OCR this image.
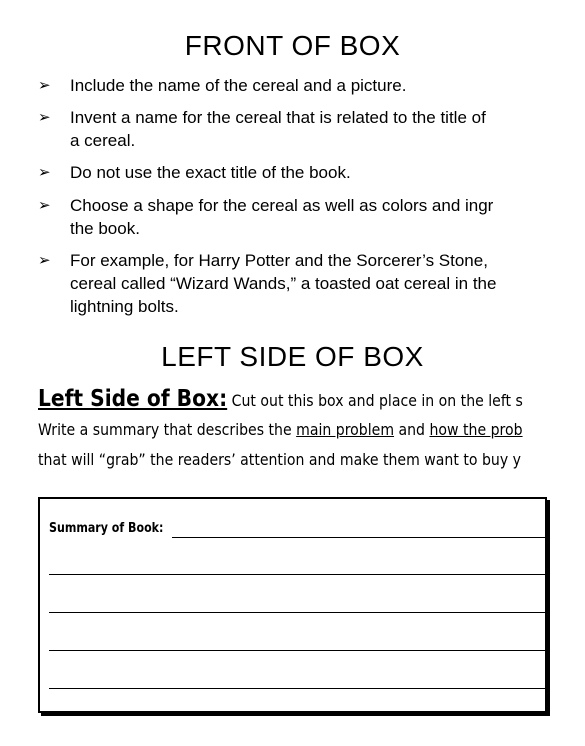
FRONT OF BOX
➢ Include the name of the cereal and a picture.
➢ Invent a name for the cereal that is related to the title of
a cereal.
➢ Do not use the exact title of the book.
➢ Choose a shape for the cereal as well as colors and ingr
the book.
➢ For example, for Harry Potter and the Sorcerer’s Stone,
cereal called “Wizard Wands,” a toasted oat cereal in the
lightning bolts.
LEFT SIDE OF BOX
Left Side of Box: Cut out this box and place in on the left s
Write a summary that describes the main problem and how the prob
that will “grab” the readers’ attention and make them want to buy y
Summary of Book:
